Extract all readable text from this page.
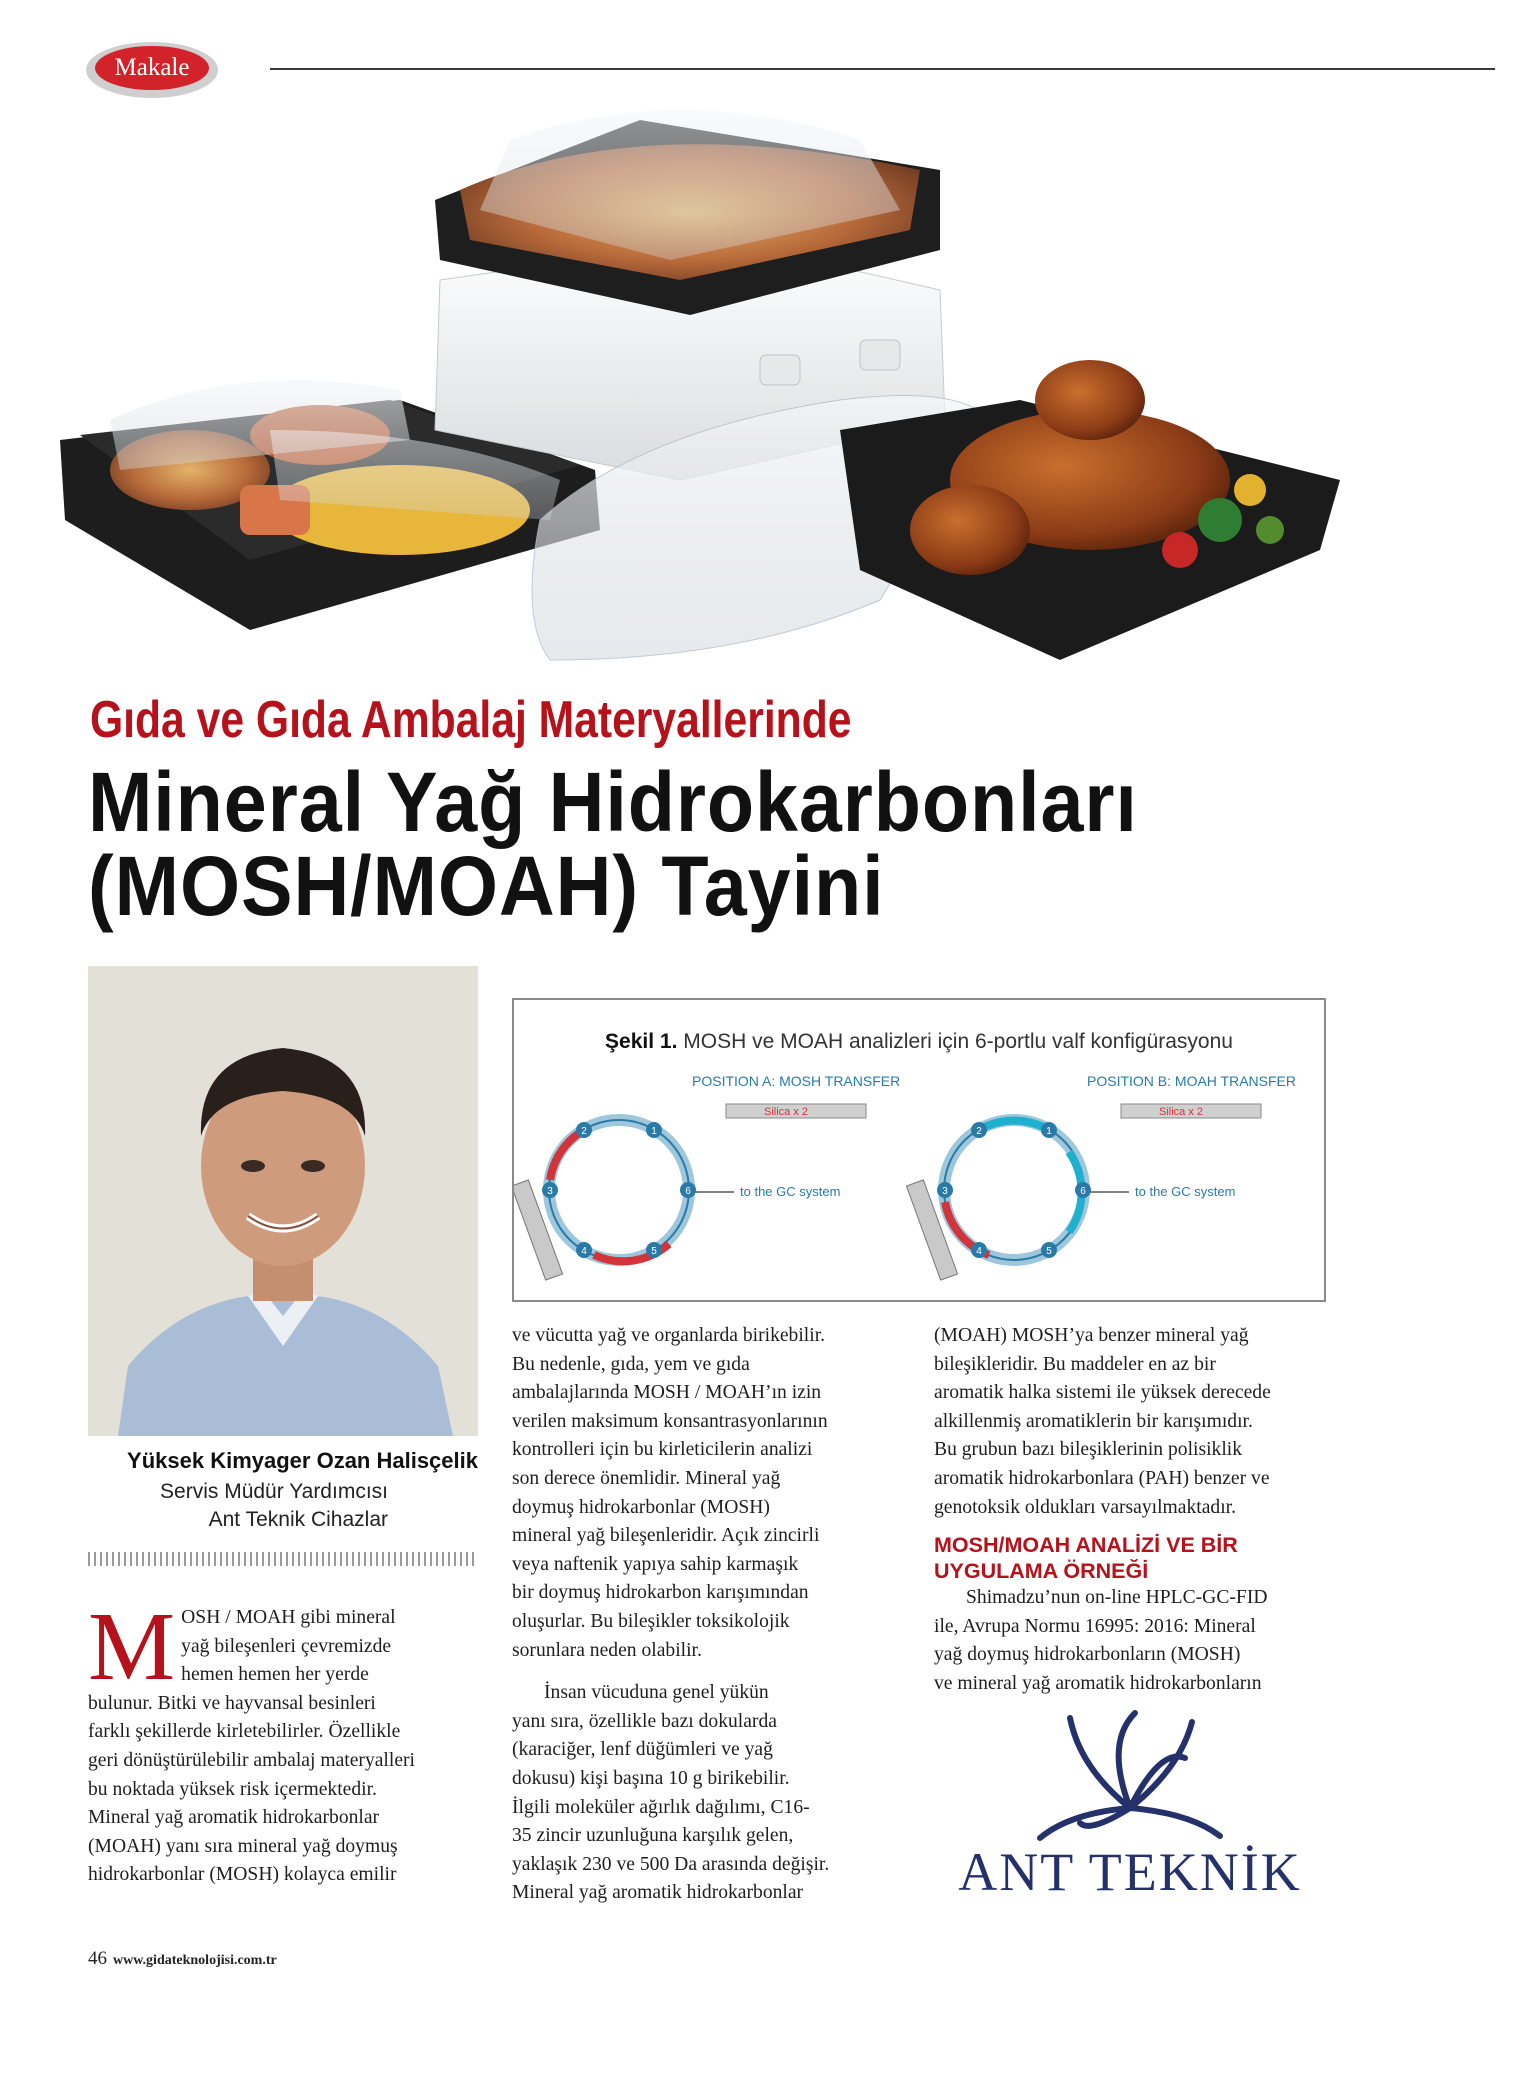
Makale
Gıda ve Gıda Ambalaj Materyallerinde
Mineral Yağ Hidrokarbonları
(MOSH/MOAH) Tayini
Yüksek Kimyager Ozan Halisçelik
Servis Müdür Yardımcısı
Ant Teknik Cihazlar
Şekil 1. MOSH ve MOAH analizleri için 6-portlu valf konfigürasyonu
POSITION A: MOSH TRANSFER
Silica x 2
to the GC system
1
2
3
4	5
6
POSITION B: MOAH TRANSFER
Silica x 2
to the GC system
1
2
3
4	5
6
M OSH / MOAH gibi mineral
yağ bileşenleri çevremizde
hemen hemen her yerde
bulunur. Bitki ve hayvansal besinleri
farklı şekillerde kirletebilirler. Özellikle
geri dönüştürülebilir ambalaj materyalleri
bu noktada yüksek risk içermektedir.
Mineral yağ aromatik hidrokarbonlar
(MOAH) yanı sıra mineral yağ doymuş
hidrokarbonlar (MOSH) kolayca emilir
ve vücutta yağ ve organlarda birikebilir.
Bu nedenle, gıda, yem ve gıda
ambalajlarında MOSH / MOAH’ın izin
verilen maksimum konsantrasyonlarının
kontrolleri için bu kirleticilerin analizi
son derece önemlidir. Mineral yağ
doymuş hidrokarbonlar (MOSH)
mineral yağ bileşenleridir. Açık zincirli
veya naftenik yapıya sahip karmaşık
bir doymuş hidrokarbon karışımından
oluşurlar. Bu bileşikler toksikolojik
sorunlara neden olabilir.
İnsan vücuduna genel yükün
yanı sıra, özellikle bazı dokularda
(karaciğer, lenf düğümleri ve yağ
dokusu) kişi başına 10 g birikebilir.
İlgili moleküler ağırlık dağılımı, C16-
35 zincir uzunluğuna karşılık gelen,
yaklaşık 230 ve 500 Da arasında değişir.
Mineral yağ aromatik hidrokarbonlar
(MOAH) MOSH’ya benzer mineral yağ
bileşikleridir. Bu maddeler en az bir
aromatik halka sistemi ile yüksek derecede
alkillenmiş aromatiklerin bir karışımıdır.
Bu grubun bazı bileşiklerinin polisiklik
aromatik hidrokarbonlara (PAH) benzer ve
genotoksik oldukları varsayılmaktadır.

MOSH/MOAH ANALİZİ VE BİR

UYGULAMA ÖRNEĞİ

Shimadzu’nun on-line HPLC-GC-FID
ile, Avrupa Normu 16995: 2016: Mineral
yağ doymuş hidrokarbonların (MOSH)
ve mineral yağ aromatik hidrokarbonların
ANT TEKNİK
46 www.gidateknolojisi.com.tr
